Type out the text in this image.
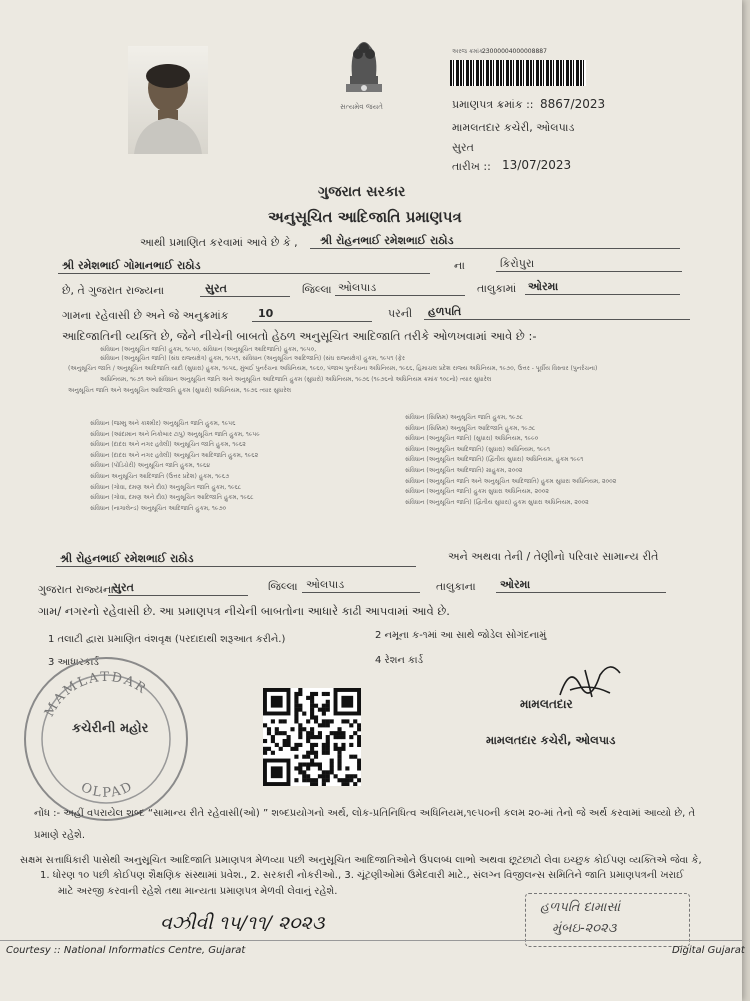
સત્યમેવ જયતે
અરજ ક્રમાંક :
23000004000008887
પ્રમાણપત્ર ક્રમાંક :: 8867/2023
મામલતદાર કચેરી, ઓલપાડ
સુરત
તારીખ :: 13/07/2023
ગુજરાત સરકાર
અનુસૂચિત આદિજાતિ પ્રમાણપત્ર
આથી પ્રમાણિત કરવામાં આવે છે કે , શ્રી રોહનભાઈ રમેશભાઈ રાઠોડ
શ્રી રમેશભાઈ ગોમાનભાઈ રાઠોડ	ના	કિરોપુરા
છે, તે ગુજરાત રાજ્યના	સુરત	જિલ્લા ઓલપાડ	તાલુકામાં ઓરમા
ગામના રહેવાસી છે અને જે અનુક્રમાંક	10	પરની હળપતિ
આદિજાતિની વ્યક્તિ છે, જેને નીચેની બાબતો હેઠળ અનુસૂચિત આદિજાતિ તરીકે ઓળખવામાં આવે છે :-
સંવિધાન (અનુસૂચિત જાતિ) હુકમ, ૧૯૫૦, સંવિધાન (અનુસૂચિત આદિજાતિ) હુકમ, ૧૯૫૦,
સંવિધાન (અનુસૂચિત જાતિ) (સંઘ રાજ્યક્ષેત્ર) હુકમ, ૧૯૫૧, સંવિધાન (અનુસૂચિત આદિજાતિ) (સંઘ રાજ્યક્ષેત્ર) હુકમ, ૧૯૫૧ (ફેર
(અનુસૂચિત જાતિ / અનુસૂચિત આદિજાતિ યાદી (સુધારા) હુકમ, ૧૯૫૬, મુંબઈ પુનર્રચના અધિનિયમ, ૧૯૬૦, પંજાબ પુનર્રચના અધિનિયમ, ૧૯૬૬, હિમાચલ પ્રદેશ રાજ્ય અધિનિયમ, ૧૯૭૦, ઉત્તર - પૂર્વીય વિસ્તાર (પુનર્રચના)
અધિનિયમ, ૧૯૭૧ અને સંવિધાન અનુસૂચિત જાતિ અને અનુસૂચિત આદિજાતિ હુકમ (સુધારો) અધિનિયમ, ૧૯૭૬ (૧૯૭૬નો અધિનિયમ ક્રમાંક ૧૦૮નો) ત્યાર સુધારેલ
અનુસૂચિત જાતિ અને અનુસૂચિત આદિજાતિ હુકમ (સુધારો) અધિનિયમ, ૧૯૭૬ ત્યાર સુધારેલ
સંવિધાન (જમ્મુ અને કાશ્મીર) અનુસૂચિત જાતિ હુકમ, ૧૯૫૬
સંવિધાન (આંદામાન અને નિકોબાર ટાપુ) અનુસૂચિત જાતિ હુકમ, ૧૯૫૯
સંવિધાન (દાદરા અને નગર હવેલી) અનુસૂચિત જાતિ હુકમ, ૧૯૬૨
સંવિધાન (દાદરા અને નગર હવેલી) અનુસૂચિત આદિજાતિ હુકમ, ૧૯૬૨
સંવિધાન (પોંડિચેરી) અનુસૂચિત જાતિ હુકમ, ૧૯૬૪
સંવિધાન અનુસૂચિત આદિજાતિ (ઉત્તર પ્રદેશ) હુકમ, ૧૯૬૭
સંવિધાન (ગોવા, દમણ અને દીવ) અનુસૂચિત જાતિ હુકમ, ૧૯૬૮
સંવિધાન (ગોવા, દમણ અને દીવ) અનુસૂચિત આદિજાતિ હુકમ, ૧૯૬૮
સંવિધાન (નાગાલેન્ડ) અનુસૂચિત આદિજાતિ હુકમ, ૧૯૭૦
સંવિધાન (સિક્કિમ) અનુસૂચિત જાતિ હુકમ, ૧૯૭૮
સંવિધાન (સિક્કિમ) અનુસૂચિત આદિજાતિ હુકમ, ૧૯૭૮
સંવિધાન (અનુસૂચિત જાતિ) (સુધારા) અધિનિયમ, ૧૯૯૦
સંવિધાન (અનુસૂચિત આદિજાતિ) (સુધારા) અધિનિયમ, ૧૯૯૧
સંવિધાન (અનુસૂચિત આદિજાતિ) (દ્વિતીય સુધારા) અધિનિયમ, હુકમ ૧૯૯૧
સંવિધાન (અનુસૂચિત આદિજાતિ) ગ્રાહુકમ, ૨૦૦૨
સંવિધાન (અનુસૂચિત જાતિ અને અનુસૂચિત આદિજાતિ) હુકમ સુધારા અધિનિયમ, ૨૦૦૨
સંવિધાન (અનુસૂચિત જાતિ) હુકમ સુધારા અધિનિયમ, ૨૦૦૨
સંવિધાન (અનુસૂચિત જાતિ) (દ્વિતીય સુધારા) હુકમ સુધારા અધિનિયમ, ૨૦૦૨
શ્રી રોહનભાઈ રમેશભાઈ રાઠોડ	અને અથવા તેની / તેણીનો પરિવાર સામાન્ય રીતે
ગુજરાત રાજ્યના
સુરત	જિલ્લા ઓલપાડ	તાલુકાના ઓરમા
ગામ/ નગરનો રહેવાસી છે. આ પ્રમાણપત્ર નીચેની બાબતોના આધારે કાઢી આપવામાં આવે છે.
1 તલાટી દ્વારા પ્રમાણિત વંશવૃક્ષ (પરદાદાથી શરૂઆત કરીને.)	2 નમૂના ક-૧માં આ સાથે જોડેલ સોગંદનામું
3 આધારકાર્ડ	4 રેશન કાર્ડ
MAMLATDAR
OLPAD
કચેરીની મહોર
મામલતદાર
મામલતદાર કચેરી, ઓલપાડ
નોંધ :- અહીં વપરાયેલ શબ્દ “સામાન્ય રીતે રહેવાસી(ઓ) ” શબ્દપ્રયોગનો અર્થ, લોક-પ્રતિનિધિત્વ અધિનિયમ,૧૯૫૦ની કલમ ૨૦-માં તેનો જે અર્થ કરવામાં આવ્યો છે, તે
પ્રમાણે રહેશે.
સક્ષમ સત્તાધિકારી પાસેથી અનુસૂચિત આદિજાતિ પ્રમાણપત્ર મેળવ્યા પછી અનુસૂચિત આદિજાતિઓને ઉપલબ્ધ લાભો અથવા છૂટછાટો લેવા ઇચ્છુક કોઈપણ વ્યક્તિએ જેવા કે,
1. ધોરણ ૧૦ પછી કોઈપણ શૈક્ષણિક સંસ્થામાં પ્રવેશ., 2. સરકારી નોકરીઓ., 3. ચૂંટણીઓમાં ઉમેદવારી માટે., સંલગ્ન વિજીલન્સ સમિતિને જાતિ પ્રમાણપત્રની ખરાઈ
માટે અરજી કરવાની રહેશે તથા માન્યતા પ્રમાણપત્ર મેળવી લેવાનું રહેશે.
વઝીવી ૧૫/૧૧/ ૨૦૨૩
હળપતિ દામાસાં
મુંબઇ-૨૦૨૩
Courtesy :: National Informatics Centre, Gujarat	Digital Gujarat
